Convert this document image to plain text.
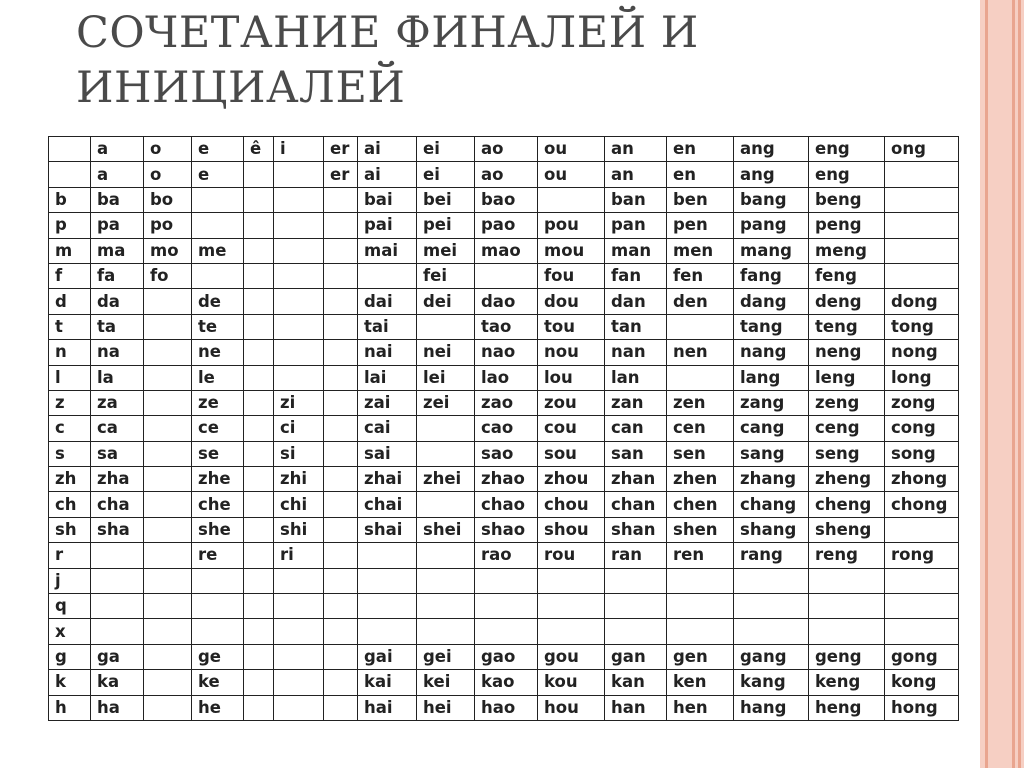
СОЧЕТАНИЕ ФИНАЛЕЙ И ИНИЦИАЛЕЙ
	a	o	e	ê	i	er	ai	ei	ao	ou	an	en	ang	eng	ong
	a	o	e			er	ai	ei	ao	ou	an	en	ang	eng	
b	ba	bo					bai	bei	bao		ban	ben	bang	beng	
p	pa	po					pai	pei	pao	pou	pan	pen	pang	peng	
m	ma	mo	me				mai	mei	mao	mou	man	men	mang	meng	
f	fa	fo						fei		fou	fan	fen	fang	feng	
d	da		de				dai	dei	dao	dou	dan	den	dang	deng	dong
t	ta		te				tai		tao	tou	tan		tang	teng	tong
n	na		ne				nai	nei	nao	nou	nan	nen	nang	neng	nong
l	la		le				lai	lei	lao	lou	lan		lang	leng	long
z	za		ze		zi		zai	zei	zao	zou	zan	zen	zang	zeng	zong
c	ca		ce		ci		cai		cao	cou	can	cen	cang	ceng	cong
s	sa		se		si		sai		sao	sou	san	sen	sang	seng	song
zh	zha		zhe		zhi		zhai	zhei	zhao	zhou	zhan	zhen	zhang	zheng	zhong
ch	cha		che		chi		chai		chao	chou	chan	chen	chang	cheng	chong
sh	sha		she		shi		shai	shei	shao	shou	shan	shen	shang	sheng	
r			re		ri				rao	rou	ran	ren	rang	reng	rong
j															
q															
x															
g	ga		ge				gai	gei	gao	gou	gan	gen	gang	geng	gong
k	ka		ke				kai	kei	kao	kou	kan	ken	kang	keng	kong
h	ha		he				hai	hei	hao	hou	han	hen	hang	heng	hong
